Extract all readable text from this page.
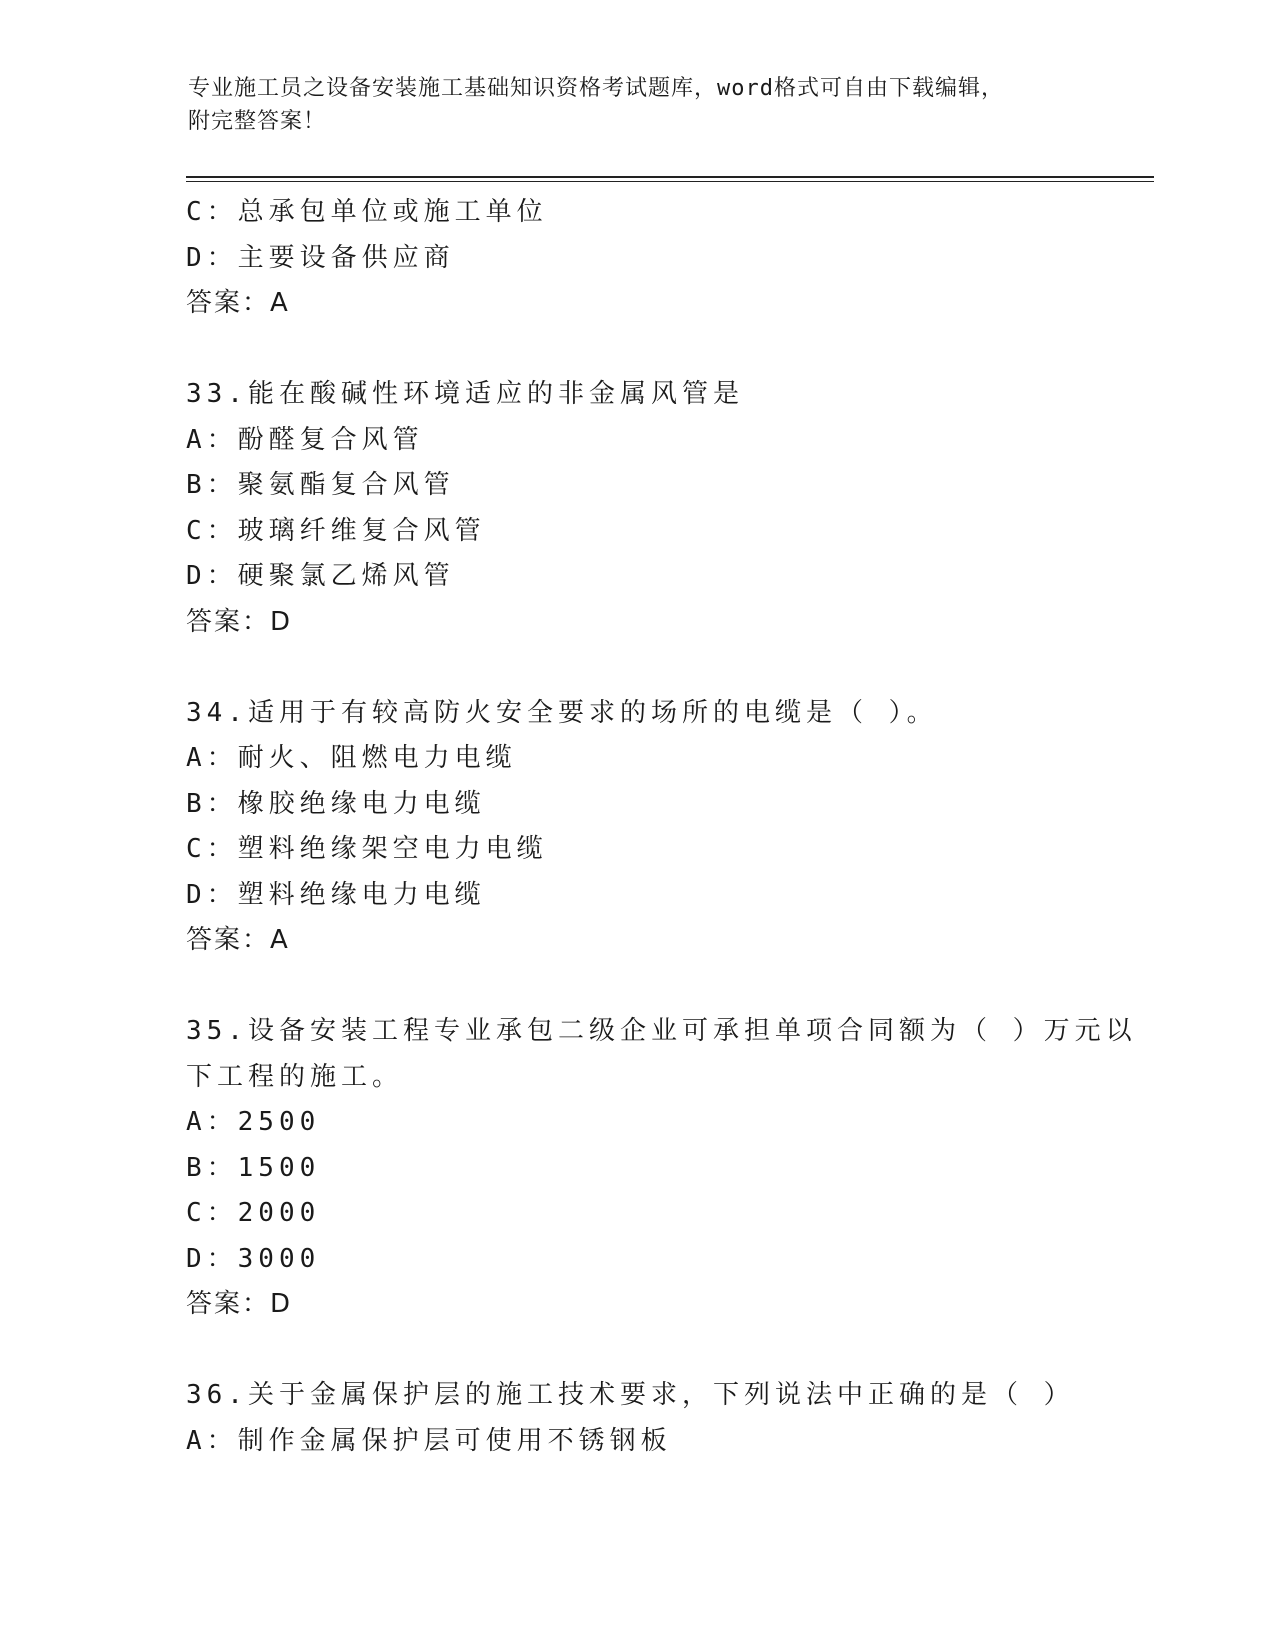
专业施工员之设备安装施工基础知识资格考试题库，word格式可自由下载编辑，
附完整答案！
C：总承包单位或施工单位
D：主要设备供应商
答案：A
33.能在酸碱性环境适应的非金属风管是
A：酚醛复合风管
B：聚氨酯复合风管
C：玻璃纤维复合风管
D：硬聚氯乙烯风管
答案：D
34.适用于有较高防火安全要求的场所的电缆是（ ）。
A：耐火、阻燃电力电缆
B：橡胶绝缘电力电缆
C：塑料绝缘架空电力电缆
D：塑料绝缘电力电缆
答案：A
35.设备安装工程专业承包二级企业可承担单项合同额为（ ）万元以
下工程的施工。
A：2500
B：1500
C：2000
D：3000
答案：D
36.关于金属保护层的施工技术要求，下列说法中正确的是（ ）
A：制作金属保护层可使用不锈钢板
